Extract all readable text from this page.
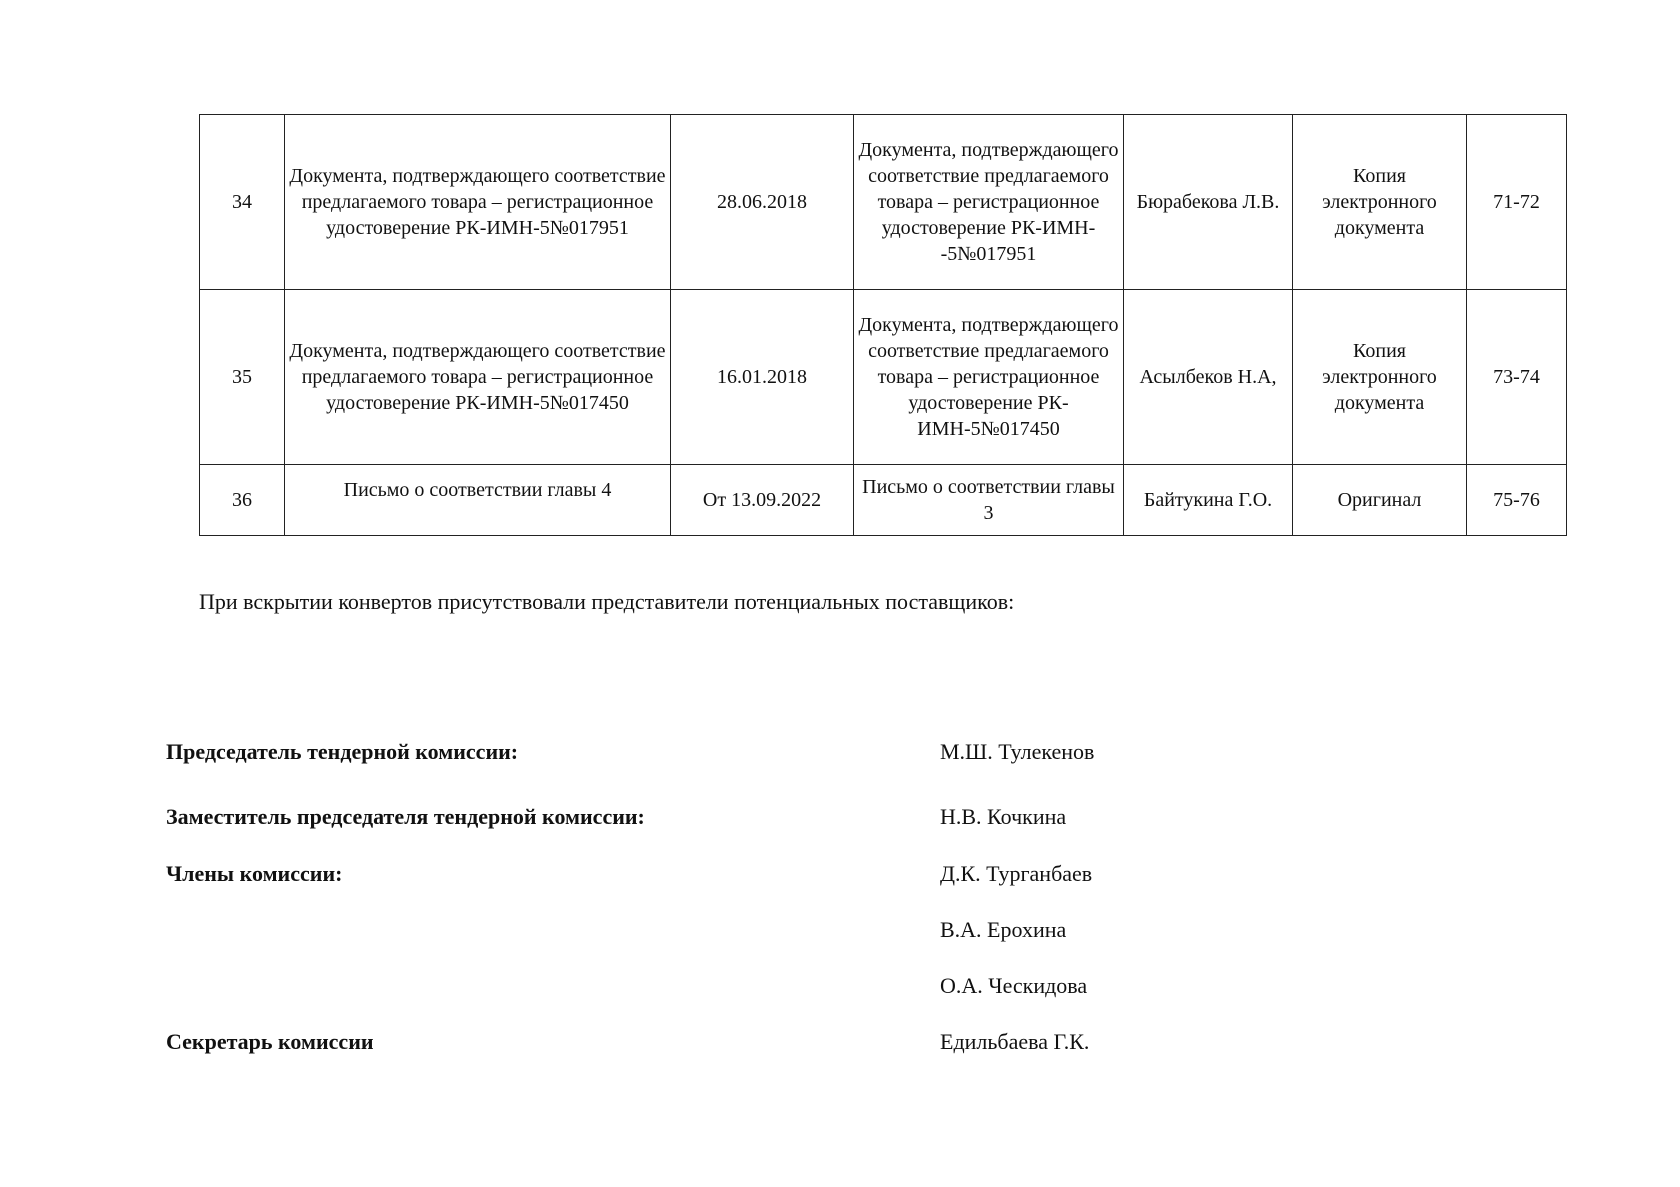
34	Документа, подтверждающего соответствие предлагаемого товара – регистрационное удостоверение РК-ИМН-5№017951	28.06.2018	Документа, подтверждающего соответствие предлагаемого товара – регистрационное удостоверение РК-ИМН--5№017951	Бюрабекова Л.В.	Копия электронного документа	71-72
35	Документа, подтверждающего соответствие предлагаемого товара – регистрационное удостоверение РК-ИМН-5№017450	16.01.2018	Документа, подтверждающего соответствие предлагаемого товара – регистрационное удостоверение РК-ИМН-5№017450	Асылбеков Н.А,	Копия электронного документа	73-74
36	Письмо о соответствии главы 4	От 13.09.2022	Письмо о соответствии главы 3	Байтукина Г.О.	Оригинал	75-76
При вскрытии конвертов присутствовали представители потенциальных поставщиков:
Председатель тендерной комиссии:	М.Ш. Тулекенов
Заместитель председателя тендерной комиссии:	Н.В. Кочкина
Члены комиссии:	Д.К. Турганбаев
В.А. Ерохина
О.А. Ческидова
Секретарь комиссии	Едильбаева Г.К.
